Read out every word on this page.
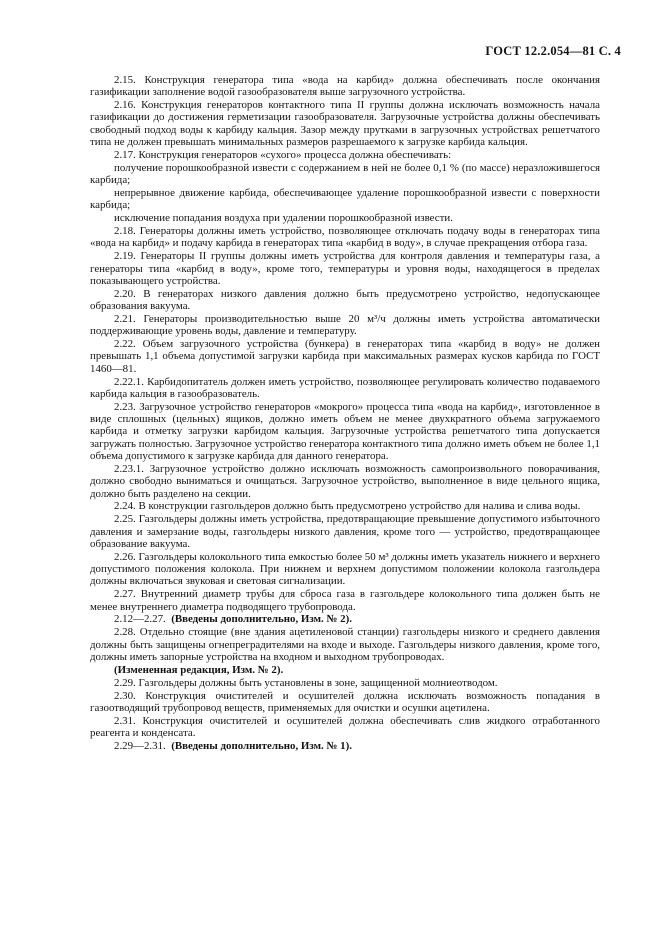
ГОСТ 12.2.054—81 С. 4

2.15. Конструкция генератора типа «вода на карбид» должна обеспечивать после окончания газификации заполнение водой газообразователя выше загрузочного устройства.

2.16. Конструкция генераторов контактного типа II группы должна исключать возможность начала газификации до достижения герметизации газообразователя. Загрузочные устройства должны обеспечивать свободный подход воды к карбиду кальция. Зазор между прутками в загрузочных устройствах решетчатого типа не должен превышать минимальных размеров разрешаемого к загрузке карбида кальция.

2.17. Конструкция генераторов «сухого» процесса должна обеспечивать:

получение порошкообразной извести с содержанием в ней не более 0,1 % (по массе) неразложившегося карбида;

непрерывное движение карбида, обеспечивающее удаление порошкообразной извести с поверхности карбида;

исключение попадания воздуха при удалении порошкообразной извести.

2.18. Генераторы должны иметь устройство, позволяющее отключать подачу воды в генераторах типа «вода на карбид» и подачу карбида в генераторах типа «карбид в воду», в случае прекращения отбора газа.

2.19. Генераторы II группы должны иметь устройства для контроля давления и температуры газа, а генераторы типа «карбид в воду», кроме того, температуры и уровня воды, находящегося в пределах показывающего устройства.

2.20. В генераторах низкого давления должно быть предусмотрено устройство, недопускающее образования вакуума.

2.21. Генераторы производительностью выше 20 м³/ч должны иметь устройства автоматически поддерживающие уровень воды, давление и температуру.

2.22. Объем загрузочного устройства (бункера) в генераторах типа «карбид в воду» не должен превышать 1,1 объема допустимой загрузки карбида при максимальных размерах кусков карбида по ГОСТ 1460—81.

2.22.1. Карбидопитатель должен иметь устройство, позволяющее регулировать количество подаваемого карбида кальция в газообразователь.

2.23. Загрузочное устройство генераторов «мокрого» процесса типа «вода на карбид», изготовленное в виде сплошных (цельных) ящиков, должно иметь объем не менее двухкратного объема загружаемого карбида и отметку загрузки карбидом кальция. Загрузочные устройства решетчатого типа допускается загружать полностью. Загрузочное устройство генератора контактного типа должно иметь объем не более 1,1 объема допустимого к загрузке карбида для данного генератора.

2.23.1. Загрузочное устройство должно исключать возможность самопроизвольного поворачивания, должно свободно выниматься и очищаться. Загрузочное устройство, выполненное в виде цельного ящика, должно быть разделено на секции.

2.24. В конструкции газгольдеров должно быть предусмотрено устройство для налива и слива воды.

2.25. Газгольдеры должны иметь устройства, предотвращающие превышение допустимого избыточного давления и замерзание воды, газгольдеры низкого давления, кроме того — устройство, предотвращающее образование вакуума.

2.26. Газгольдеры колокольного типа емкостью более 50 м³ должны иметь указатель нижнего и верхнего допустимого положения колокола. При нижнем и верхнем допустимом положении колокола газгольдера должны включаться звуковая и световая сигнализации.

2.27. Внутренний диаметр трубы для сброса газа в газгольдере колокольного типа должен быть не менее внутреннего диаметра подводящего трубопровода.

2.12—2.27. (Введены дополнительно, Изм. № 2).

2.28. Отдельно стоящие (вне здания ацетиленовой станции) газгольдеры низкого и среднего давления должны быть защищены огнепреградителями на входе и выходе. Газгольдеры низкого давления, кроме того, должны иметь запорные устройства на входном и выходном трубопроводах.

(Измененная редакция, Изм. № 2).

2.29. Газгольдеры должны быть установлены в зоне, защищенной молниеотводом.

2.30. Конструкция очистителей и осушителей должна исключать возможность попадания в газоотводящий трубопровод веществ, применяемых для очистки и осушки ацетилена.

2.31. Конструкция очистителей и осушителей должна обеспечивать слив жидкого отработанного реагента и конденсата.

2.29—2.31. (Введены дополнительно, Изм. № 1).
